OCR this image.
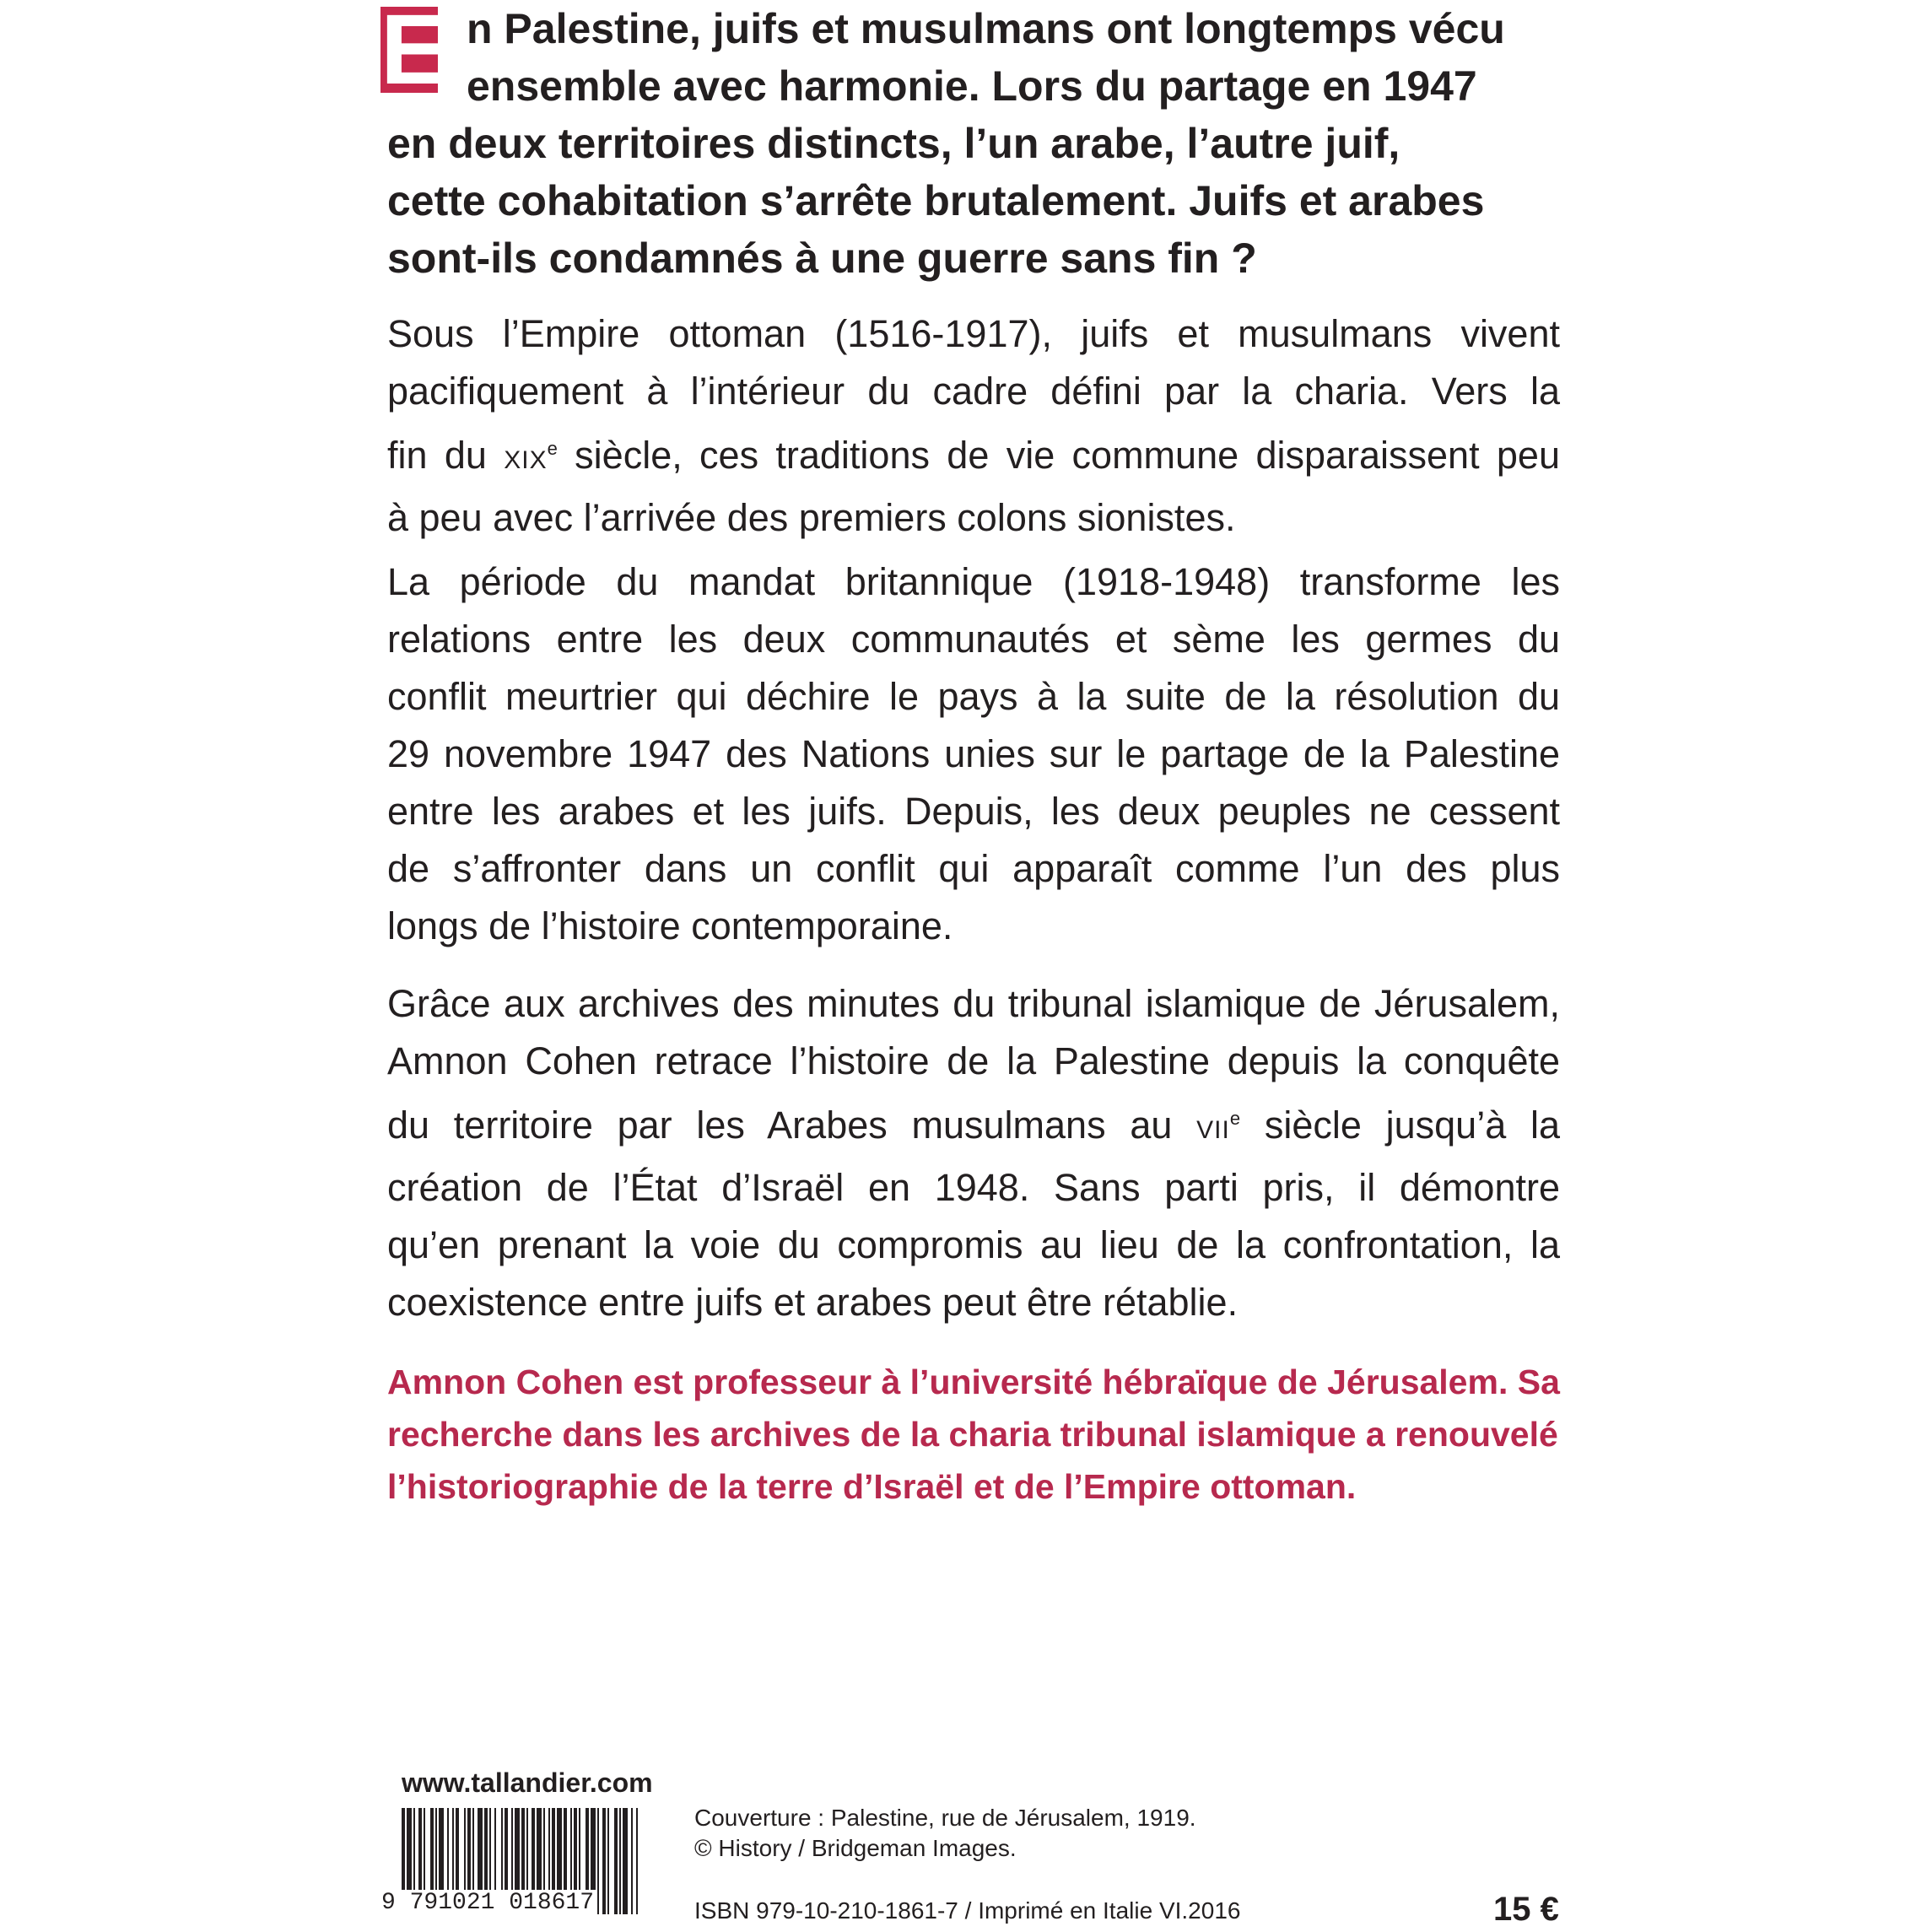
E n Palestine, juifs et musulmans ont longtemps vécu
ensemble avec harmonie. Lors du partage en 1947
en deux territoires distincts, l’un arabe, l’autre juif,
cette cohabitation s’arrête brutalement. Juifs et arabes
sont-ils condamnés à une guerre sans fin ?
Sous l’Empire ottoman (1516-1917), juifs et musulmans vivent
pacifiquement à l’intérieur du cadre défini par la charia. Vers la
fin du XIXe siècle, ces traditions de vie commune disparaissent peu
à peu avec l’arrivée des premiers colons sionistes.
La période du mandat britannique (1918-1948) transforme les
relations entre les deux communautés et sème les germes du
conflit meurtrier qui déchire le pays à la suite de la résolution du
29 novembre 1947 des Nations unies sur le partage de la Palestine
entre les arabes et les juifs. Depuis, les deux peuples ne cessent
de s’affronter dans un conflit qui apparaît comme l’un des plus
longs de l’histoire contemporaine.
Grâce aux archives des minutes du tribunal islamique de Jérusalem,
Amnon Cohen retrace l’histoire de la Palestine depuis la conquête
du territoire par les Arabes musulmans au VIIe siècle jusqu’à la
création de l’État d’Israël en 1948. Sans parti pris, il démontre
qu’en prenant la voie du compromis au lieu de la confrontation, la
coexistence entre juifs et arabes peut être rétablie.
Amnon Cohen est professeur à l’université hébraïque de Jérusalem. Sa
recherche dans les archives de la charia tribunal islamique a renouvelé
l’historiographie de la terre d’Israël et de l’Empire ottoman.
www.tallandier.com
9 791021 018617
Couverture : Palestine, rue de Jérusalem, 1919.
© History / Bridgeman Images.
ISBN 979-10-210-1861-7 / Imprimé en Italie VI.2016	15 €
